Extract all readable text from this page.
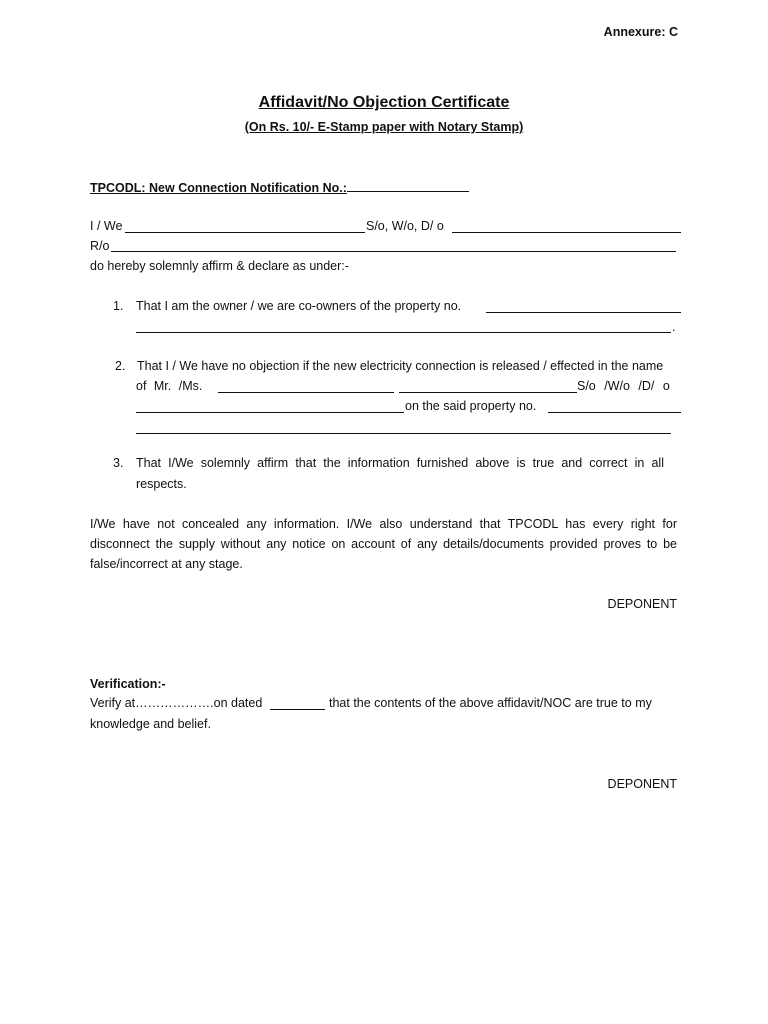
Annexure: C
Affidavit/No Objection Certificate
(On Rs. 10/- E-Stamp paper with Notary Stamp)
TPCODL: New Connection Notification No.:
I / We	S/o, W/o, D/ o
R/o
do hereby solemnly affirm & declare as under:-
1. That I am the owner / we are co-owners of the property no.
.
2. That I / We have no objection if the new electricity connection is released / effected in the name
of Mr. /Ms.	S/o /W/o /D/ o
on the said property no.
3. That I/We solemnly affirm that the information furnished above is true and correct in all
respects.
I/We have not concealed any information. I/We also understand that TPCODL has every right for disconnect the supply without any notice on account of any details/documents provided proves to be false/incorrect at any stage.
DEPONENT
Verification:-
Verify at……………….on dated	that the contents of the above affidavit/NOC are true to my
knowledge and belief.
DEPONENT
